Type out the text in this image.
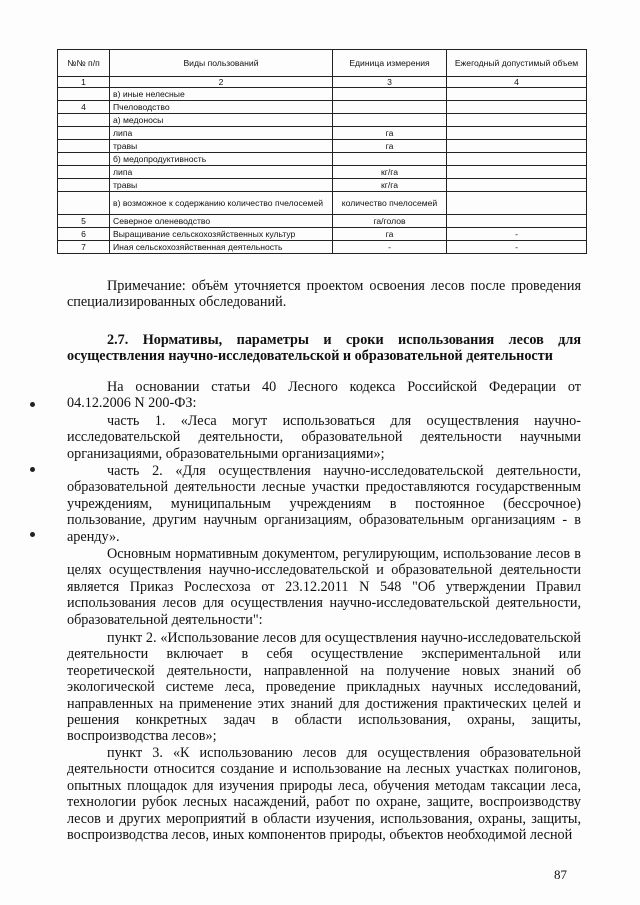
№№ п/п	Виды пользований	Единица измерения	Ежегодный допустимый объем
1	2	3	4
	в) иные нелесные		
4	Пчеловодство		
	а) медоносы		
	липа	га	
	травы	га	
	б) медопродуктивность		
	липа	кг/га	
	травы	кг/га	
	в) возможное к содержанию количество пчелосемей	количество пчелосемей	
5	Северное оленеводство	га/голов	
6	Выращивание сельскохозяйственных культур	га	-
7	Иная сельскохозяйственная деятельность	-	-
Примечание: объём уточняется проектом освоения лесов после проведения специализированных обследований.
2.7. Нормативы, параметры и сроки использования лесов для осуществления научно-исследовательской и образовательной деятельности
На основании статьи 40 Лесного кодекса Российской Федерации от 04.12.2006 N 200-ФЗ:
часть 1. «Леса могут использоваться для осуществления научно-исследовательской деятельности, образовательной деятельности научными организациями, образовательными организациями»;
часть 2. «Для осуществления научно-исследовательской деятельности, образовательной деятельности лесные участки предоставляются государственным учреждениям, муниципальным учреждениям в постоянное (бессрочное) пользование, другим научным организациям, образовательным организациям - в аренду».
Основным нормативным документом, регулирующим, использование лесов в целях осуществления научно-исследовательской и образовательной деятельности является Приказ Рослесхоза от 23.12.2011 N 548 "Об утверждении Правил использования лесов для осуществления научно-исследовательской деятельности, образовательной деятельности":
пункт 2. «Использование лесов для осуществления научно-исследовательской деятельности включает в себя осуществление экспериментальной или теоретической деятельности, направленной на получение новых знаний об экологической системе леса, проведение прикладных научных исследований, направленных на применение этих знаний для достижения практических целей и решения конкретных задач в области использования, охраны, защиты, воспроизводства лесов»;
пункт 3. «К использованию лесов для осуществления образовательной деятельности относится создание и использование на лесных участках полигонов, опытных площадок для изучения природы леса, обучения методам таксации леса, технологии рубок лесных насаждений, работ по охране, защите, воспроизводству лесов и других мероприятий в области изучения, использования, охраны, защиты, воспроизводства лесов, иных компонентов природы, объектов необходимой лесной
87
